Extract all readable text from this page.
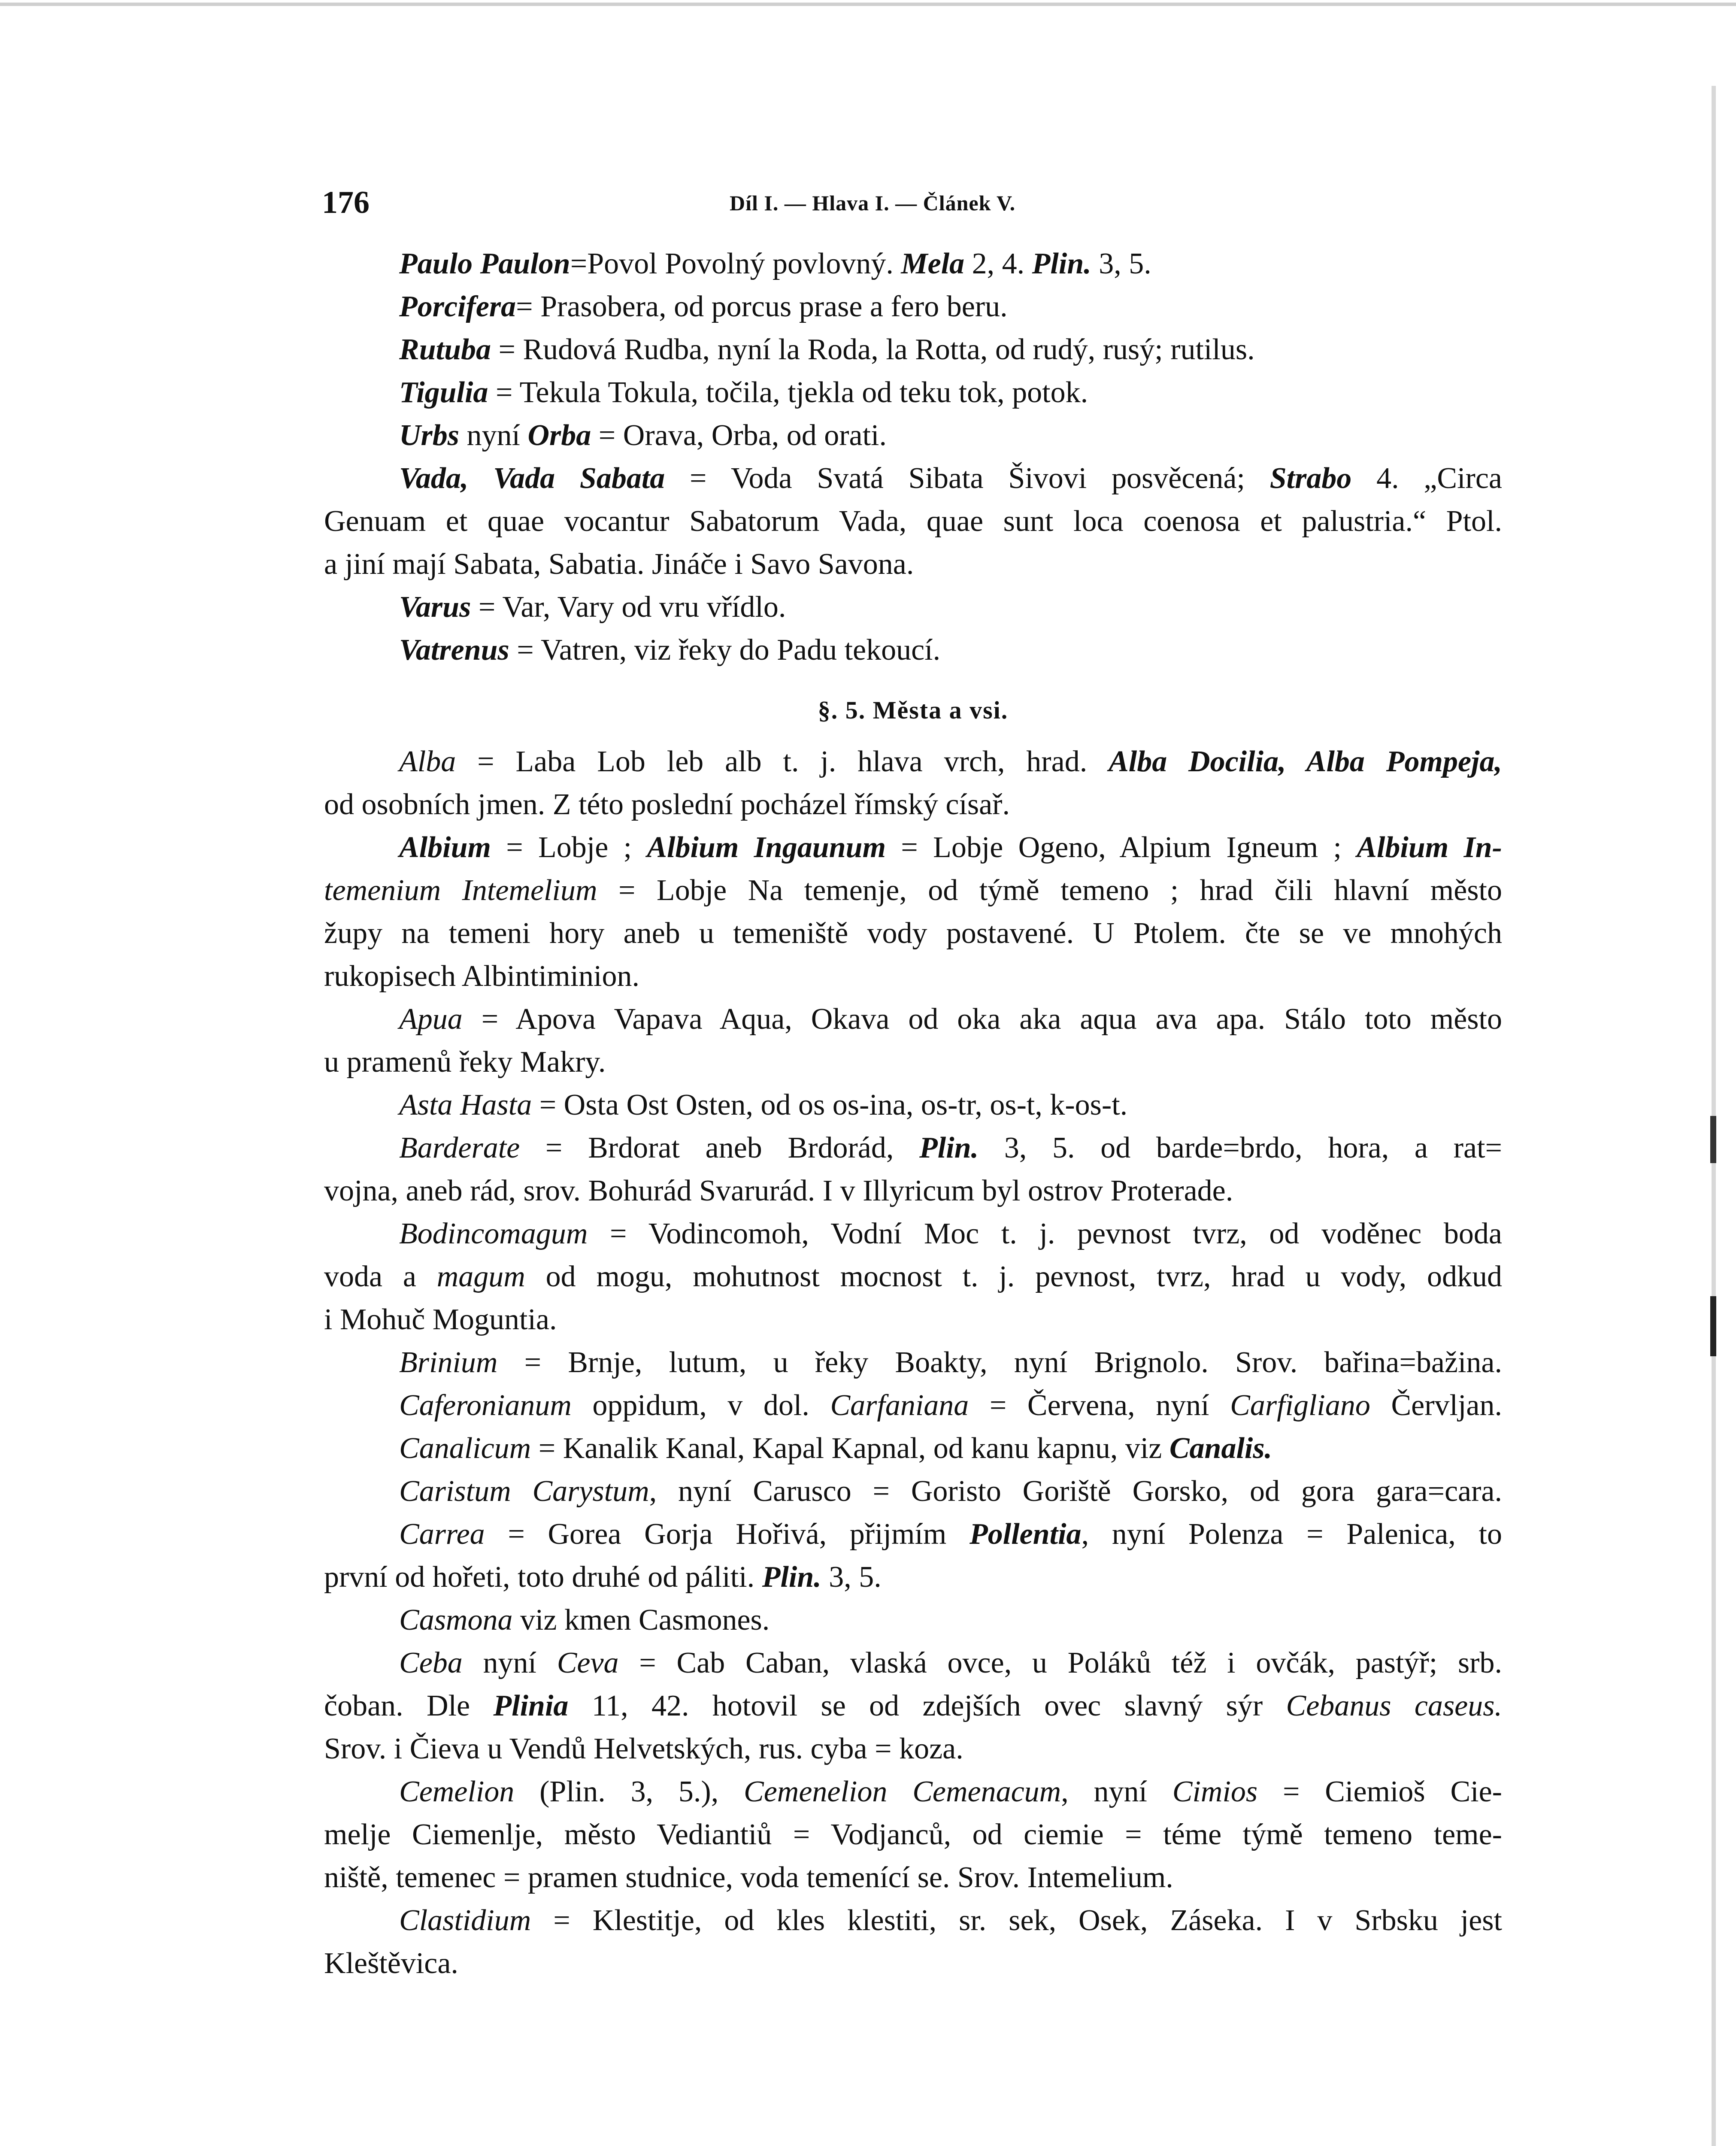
176	Díl I. — Hlava I. — Článek V.
Paulo Paulon=Povol Povolný povlovný. Mela 2, 4. Plin. 3, 5.
Porcifera= Prasobera, od porcus prase a fero beru.
Rutuba = Rudová Rudba, nyní la Roda, la Rotta, od rudý, rusý; rutilus.
Tigulia = Tekula Tokula, točila, tjekla od teku tok, potok.
Urbs nyní Orba = Orava, Orba, od orati.
Vada, Vada Sabata = Voda Svatá Sibata Šivovi posvěcená; Strabo 4. „Circa
Genuam et quae vocantur Sabatorum Vada, quae sunt loca coenosa et palustria.“ Ptol.
a jiní mají Sabata, Sabatia. Jináče i Savo Savona.
Varus = Var, Vary od vru vřídlo.
Vatrenus = Vatren, viz řeky do Padu tekoucí.
§. 5. Města a vsi.
Alba = Laba Lob leb alb t. j. hlava vrch, hrad. Alba Docilia, Alba Pompeja,
od osobních jmen. Z této poslední pocházel římský císař.
Albium = Lobje ; Albium Ingaunum = Lobje Ogeno, Alpium Igneum ; Albium In-
temenium Intemelium = Lobje Na temenje, od týmě temeno ; hrad čili hlavní město
župy na temeni hory aneb u temeniště vody postavené. U Ptolem. čte se ve mnohých
rukopisech Albintiminion.
Apua = Apova Vapava Aqua, Okava od oka aka aqua ava apa. Stálo toto město
u pramenů řeky Makry.
Asta Hasta = Osta Ost Osten, od os os-ina, os-tr, os-t, k-os-t.
Barderate = Brdorat aneb Brdorád, Plin. 3, 5. od barde=brdo, hora, a rat=
vojna, aneb rád, srov. Bohurád Svarurád. I v Illyricum byl ostrov Proterade.
Bodincomagum = Vodincomoh, Vodní Moc t. j. pevnost tvrz, od voděnec boda
voda a magum od mogu, mohutnost mocnost t. j. pevnost, tvrz, hrad u vody, odkud
i Mohuč Moguntia.
Brinium = Brnje, lutum, u řeky Boakty, nyní Brignolo. Srov. bařina=bažina.
Caferonianum oppidum, v dol. Carfaniana = Červena, nyní Carfigliano Červljan.
Canalicum = Kanalik Kanal, Kapal Kapnal, od kanu kapnu, viz Canalis.
Caristum Carystum, nyní Carusco = Goristo Goriště Gorsko, od gora gara=cara.
Carrea = Gorea Gorja Hořivá, přijmím Pollentia, nyní Polenza = Palenica, to
první od hořeti, toto druhé od páliti. Plin. 3, 5.
Casmona viz kmen Casmones.
Ceba nyní Ceva = Cab Caban, vlaská ovce, u Poláků též i ovčák, pastýř; srb.
čoban. Dle Plinia 11, 42. hotovil se od zdejších ovec slavný sýr Cebanus caseus.
Srov. i Čieva u Vendů Helvetských, rus. cyba = koza.
Cemelion (Plin. 3, 5.), Cemenelion Cemenacum, nyní Cimios = Ciemioš Cie-
melje Ciemenlje, město Vediantiů = Vodjanců, od ciemie = téme týmě temeno teme-
niště, temenec = pramen studnice, voda temenící se. Srov. Intemelium.
Clastidium = Klestitje, od kles klestiti, sr. sek, Osek, Záseka. I v Srbsku jest
Kleštěvica.
